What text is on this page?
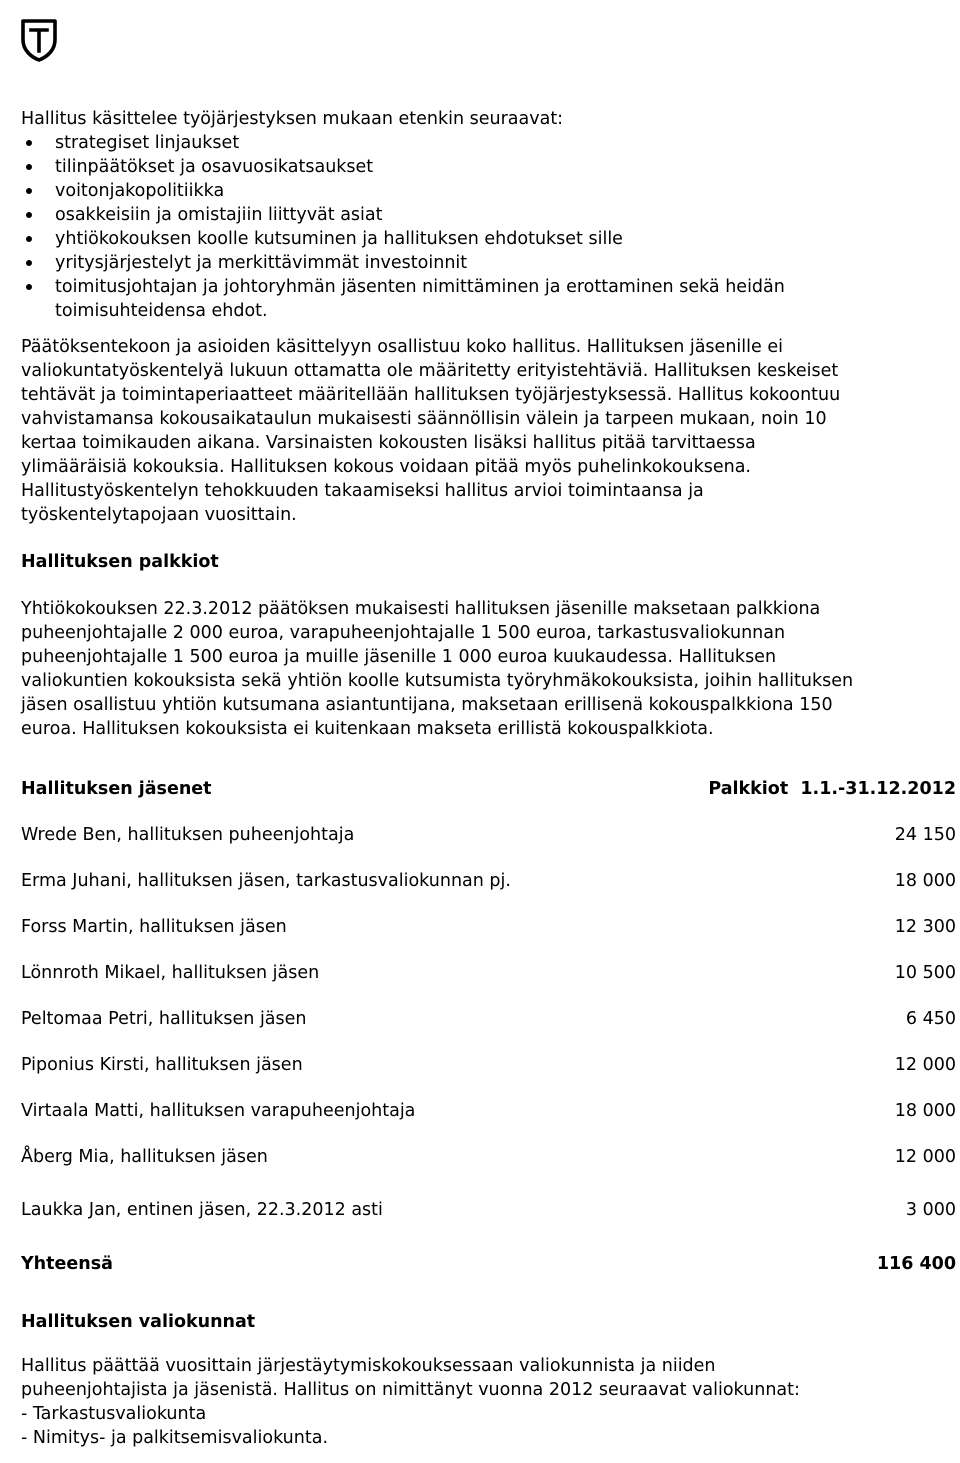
Hallitus käsittelee työjärjestyksen mukaan etenkin seuraavat:
strategiset linjaukset
tilinpäätökset ja osavuosikatsaukset
voitonjakopolitiikka
osakkeisiin ja omistajiin liittyvät asiat
yhtiökokouksen koolle kutsuminen ja hallituksen ehdotukset sille
yritysjärjestelyt ja merkittävimmät investoinnit
toimitusjohtajan ja johtoryhmän jäsenten nimittäminen ja erottaminen sekä heidän
toimisuhteidensa ehdot.
Päätöksentekoon ja asioiden käsittelyyn osallistuu koko hallitus. Hallituksen jäsenille ei
valiokuntatyöskentelyä lukuun ottamatta ole määritetty erityistehtäviä. Hallituksen keskeiset
tehtävät ja toimintaperiaatteet määritellään hallituksen työjärjestyksessä. Hallitus kokoontuu
vahvistamansa kokousaikataulun mukaisesti säännöllisin välein ja tarpeen mukaan, noin 10
kertaa toimikauden aikana. Varsinaisten kokousten lisäksi hallitus pitää tarvittaessa
ylimääräisiä kokouksia. Hallituksen kokous voidaan pitää myös puhelinkokouksena.
Hallitustyöskentelyn tehokkuuden takaamiseksi hallitus arvioi toimintaansa ja
työskentelytapojaan vuosittain.
Hallituksen palkkiot
Yhtiökokouksen 22.3.2012 päätöksen mukaisesti hallituksen jäsenille maksetaan palkkiona
puheenjohtajalle 2 000 euroa, varapuheenjohtajalle 1 500 euroa, tarkastusvaliokunnan
puheenjohtajalle 1 500 euroa ja muille jäsenille 1 000 euroa kuukaudessa. Hallituksen
valiokuntien kokouksista sekä yhtiön koolle kutsumista työryhmäkokouksista, joihin hallituksen
jäsen osallistuu yhtiön kutsumana asiantuntijana, maksetaan erillisenä kokouspalkkiona 150
euroa. Hallituksen kokouksista ei kuitenkaan makseta erillistä kokouspalkkiota.
Hallituksen jäsenet	Palkkiot  1.1.-31.12.2012
Wrede Ben, hallituksen puheenjohtaja	24 150
Erma Juhani, hallituksen jäsen, tarkastusvaliokunnan pj.	18 000
Forss Martin, hallituksen jäsen	12 300
Lönnroth Mikael, hallituksen jäsen	10 500
Peltomaa Petri, hallituksen jäsen	6 450
Piponius Kirsti, hallituksen jäsen	12 000
Virtaala Matti, hallituksen varapuheenjohtaja	18 000
Åberg Mia, hallituksen jäsen	12 000
Laukka Jan, entinen jäsen, 22.3.2012 asti	3 000
Yhteensä	116 400
Hallituksen valiokunnat
Hallitus päättää vuosittain järjestäytymiskokouksessaan valiokunnista ja niiden
puheenjohtajista ja jäsenistä. Hallitus on nimittänyt vuonna 2012 seuraavat valiokunnat:
- Tarkastusvaliokunta
- Nimitys- ja palkitsemisvaliokunta.
